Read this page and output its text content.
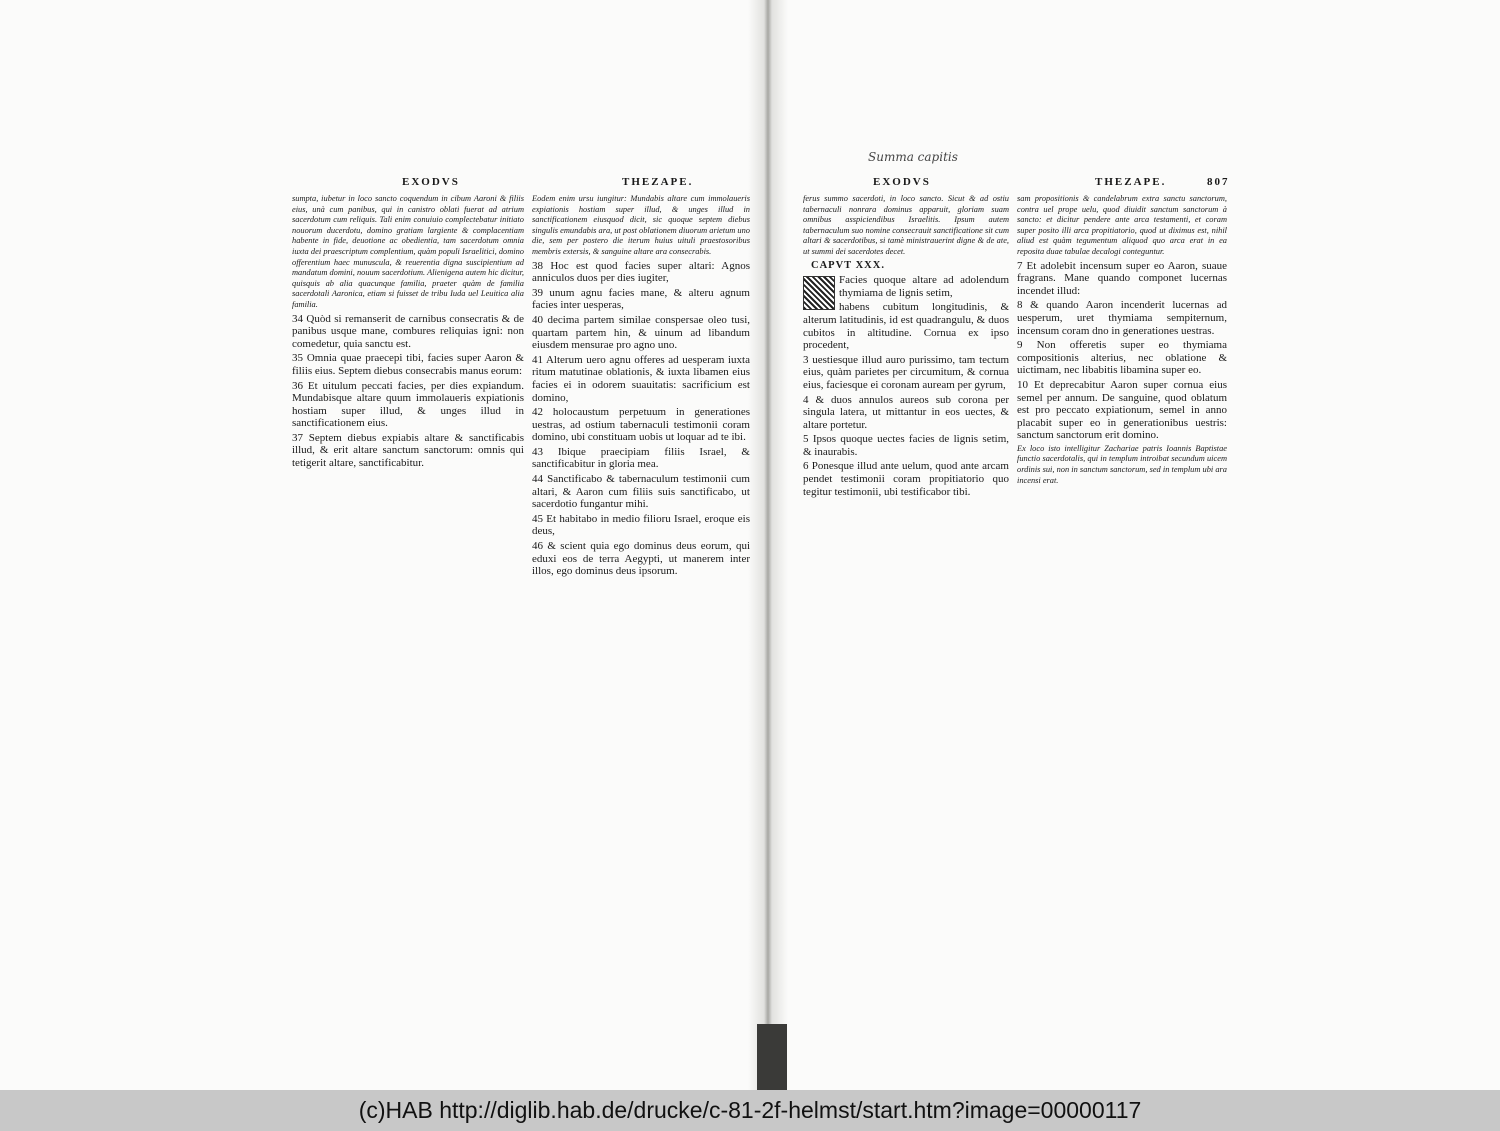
Summa capitis
EXODVS	THEZAPE.

sumpta, iubetur in loco sancto coquendum in cibum Aaroni & filiis eius, unà cum panibus, qui in canistro oblati fuerat ad atrium sacerdotum cum reliquis. Tali enim conuiuio complectebatur initiato nouorum ducerdotu, domino gratiam largiente & complacentiam habente in fide, deuotione ac obedientia, tam sacerdotum omnia iuxta dei praescriptum complentium, quàm populi Israelitici, domino offerentium haec munuscula, & reuerentia digna suscipientium ad mandatum domini, nouum sacerdotium. Alienigena autem hic dicitur, quisquis ab alia quacunque familia, praeter quàm de familia sacerdotali Aaronica, etiam si fuisset de tribu Iuda uel Leuitica alia familia.

34 Quòd si remanserit de carnibus consecratis & de panibus usque mane, combures reliquias igni: non comedetur, quia sanctu est.

35 Omnia quae praecepi tibi, facies super Aaron & filiis eius. Septem diebus consecrabis manus eorum:

36 Et uitulum peccati facies, per dies expiandum. Mundabisque altare quum immolaueris expiationis hostiam super illud, & unges illud in sanctificationem eius.

37 Septem diebus expiabis altare & sanctificabis illud, & erit altare sanctum sanctorum: omnis qui tetigerit altare, sanctificabitur.

Eodem enim ursu iungitur: Mundabis altare cum immolaueris expiationis hostiam super illud, & unges illud in sanctificationem eiusquod dicit, sic quoque septem diebus singulis emundabis ara, ut post oblationem diuorum arietum uno die, sem per postero die iterum huius uituli praestosoribus membris extersis, & sanguine altare ara consecrabis.

38 Hoc est quod facies super altari: Agnos anniculos duos per dies iugiter,

39 unum agnu facies mane, & alteru agnum facies inter uesperas,

40 decima partem similae conspersae oleo tusi, quartam partem hin, & uinum ad libandum eiusdem mensurae pro agno uno.

41 Alterum uero agnu offeres ad uesperam iuxta ritum matutinae oblationis, & iuxta libamen eius facies ei in odorem suauitatis: sacrificium est domino,

42 holocaustum perpetuum in generationes uestras, ad ostium tabernaculi testimonii coram domino, ubi constituam uobis ut loquar ad te ibi.

43 Ibique praecipiam filiis Israel, & sanctificabitur in gloria mea.

44 Sanctificabo & tabernaculum testimonii cum altari, & Aaron cum filiis suis sanctificabo, ut sacerdotio fungantur mihi.

45 Et habitabo in medio filioru Israel, eroque eis deus,

46 & scient quia ego dominus deus eorum, qui eduxi eos de terra Aegypti, ut manerem inter illos, ego dominus deus ipsorum.

EXODVS	THEZAPE.	807

ferus summo sacerdoti, in loco sancto. Sicut & ad ostiu tabernaculi nonrara dominus apparuit, gloriam suam omnibus asspiciendibus Israelitis. Ipsum autem tabernaculum suo nomine consecrauit sanctificatione sit cum altari & sacerdotibus, si tamè ministrauerint digne & de ate, ut summi dei sacerdotes decet.

CAPVT XXX.

Facies quoque altare ad adolendum thymiama de lignis setim,

habens cubitum longitudinis, & alterum latitudinis, id est quadrangulu, & duos cubitos in altitudine. Cornua ex ipso procedent,

3 uestiesque illud auro purissimo, tam tectum eius, quàm parietes per circumitum, & cornua eius, faciesque ei coronam auream per gyrum,

4 & duos annulos aureos sub corona per singula latera, ut mittantur in eos uectes, & altare portetur.

5 Ipsos quoque uectes facies de lignis setim, & inaurabis.

6 Ponesque illud ante uelum, quod ante arcam pendet testimonii coram propitiatorio quo tegitur testimonii, ubi testificabor tibi.

sam propositionis & candelabrum extra sanctu sanctorum, contra uel prope uelu, quod diuidit sanctum sanctorum à sancto: et dicitur pendere ante arca testamenti, et coram super posito illi arca propitiatorio, quod ut diximus est, nihil aliud est quàm tegumentum aliquod quo arca erat in ea reposita duae tabulae decalogi conteguntur.

7 Et adolebit incensum super eo Aaron, suaue fragrans. Mane quando componet lucernas incendet illud:

8 & quando Aaron incenderit lucernas ad uesperum, uret thymiama sempiternum, incensum coram dno in generationes uestras.

9 Non offeretis super eo thymiama compositionis alterius, nec oblatione & uictimam, nec libabitis libamina super eo.

10 Et deprecabitur Aaron super cornua eius semel per annum. De sanguine, quod oblatum est pro peccato expiationum, semel in anno placabit super eo in generationibus uestris: sanctum sanctorum erit domino.

Ex loco isto intelligitur Zachariae patris Ioannis Baptistae functio sacerdotalis, qui in templum introibat secundum uicem ordinis sui, non in sanctum sanctorum, sed in templum ubi ara incensi erat.

(c)HAB http://diglib.hab.de/drucke/c-81-2f-helmst/start.htm?image=00000117
